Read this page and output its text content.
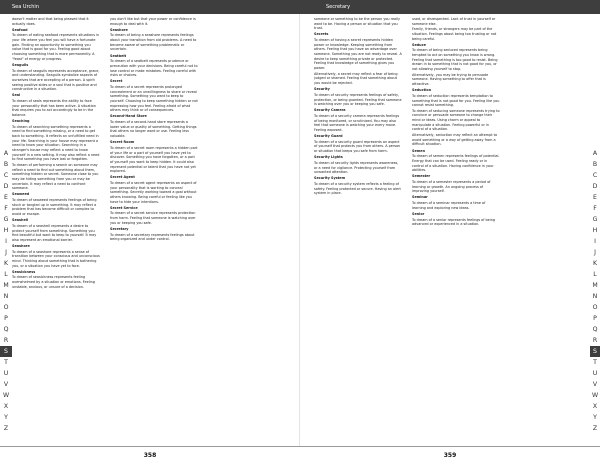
Sea Urchin	Secretary

doesn't matter and that being pleased that it actually does.

Seafood

To dream of eating seafood represents situations in your life where you feel you will have a fortunate gain. Finding an opportunity to something you value that is good for you. Feeling good about choosing something that is more permanently. A "feast" of energy or progress.

Seagulls

To dream of seagulls represents acceptance, grace, and understanding. Seagulls symbolize aspects of ourselves that are accepting of a person. A spirit seeing positive sides or a soul that is positive and constructive in a situation.

Seal

To dream of seals represents the ability to face your personality that has been active. A situation that requires you to act accordingly to be in the balance.

Seaching

To dream of searching something represents a need to find something missing, or a need to get back to something. It reflects an unfulfilled need in your life. Searching in your house may represent a need to know your situation. Searching in a stranger's house may reflect a need to know yourself in a new setting. It may also reflect a need to find something you have lost or forgotten.

To dream of performing a search on someone may reflect a need to find out something about them, something hidden or secret. Someone close to you may be hiding something from you or may be uncertain. It may reflect a need to confront someone.

Seaweed

To dream of seaweed represents feelings of being stuck or tangled up in something. It may reflect a problem that has become difficult or complex to avoid or escape.

Seashell

To dream of a seashell represents a desire to protect yourself from something. Something you find beautiful but want to keep to yourself. It may also represent an emotional barrier.

Seashore

To dream of a seashore represents a sense of transition between your conscious and unconscious mind. Thinking about something that is bothering you, or a situation you have yet to face.

Seasickness

To dream of seasickness represents feeling overwhelmed by a situation or emotions. Feeling unstable, anxious, or unsure of a decision.

you don't like but that your power or confidence is enough to deal with it.

Seashore

To dream of being a seashore represents feelings about your transition from old problems. A need to become aware of something problematic or uncertain.

Seatbelt

To dream of a seatbelt represents prudence or precaution with your decisions. Being careful not to lose control or make mistakes. Feeling careful with risks or choices.

Secret

To dream of a secret represents prolonged concealment or an unwillingness to share or reveal something. Something you want to keep to yourself. Choosing to keep something hidden or not expressing how you feel. Feeling afraid of what others may think or of consequences.

Second-Hand Store

To dream of a second-hand store represents a lower value or quality of something. Getting things that others no longer want or use. Feeling less valuable.

Secret Room

To dream of a secret room represents a hidden part of your life or a part of yourself you have yet to discover. Something you have forgotten, or a part of yourself you want to keep hidden. It could also represent potential or talent that you have not yet explored.

Secret Agent

To dream of a secret agent represents an aspect of your personality that is working to conceal something. Secretly working toward a goal without others knowing. Being careful or feeling like you have to hide your intentions.

Secret Service

To dream of a secret service represents protection from harm. Feeling that someone is watching over you or keeping you safe.

Secretary

To dream of a secretary represents feelings about being organized and under control.

someone or something to be the person you really want to be. Having a person or situation that you trust.

Secrets

To dream of having a secret represents hidden power or knowledge. Keeping something from others. Feeling that you have an advantage over someone. Something you are not ready to reveal. A desire to keep something private or protected. Feeling that knowledge of something gives you power.

Alternatively, a secret may reflect a fear of being judged or shamed. Feeling that something about you would be rejected.

Security

To dream of security represents feelings of safety, protection, or being guarded. Feeling that someone is watching over you or keeping you safe.

Security Camera

To dream of a security camera represents feelings of being monitored, or scrutinized. You may also feel that someone is watching your every move. Feeling exposed.

Security Guard

To dream of a security guard represents an aspect of yourself that protects you from others. A person or situation that keeps you safe from harm.

Security Lights

To dream of security lights represents awareness, or a need for vigilance. Protecting yourself from unwanted attention.

Security System

To dream of a security system reflects a feeling of safety. Feeling protected or secure. Having an alert system in place.

used, or disrespected. Lack of trust in yourself or someone else.

Family, friends, or strangers may be part of the situation. Feelings about being too trusting or not being careful.

Seduce

To dream of being seduced represents being tempted to act on something you know is wrong. Feeling that something is too good to resist. Being drawn in to something that is not good for you, or not allowing yourself to stop.

Alternatively, you may be trying to persuade someone. Having something to offer that is attractive.

Seduction

To dream of seduction represents temptation to something that is not good for you. Feeling like you cannot resist something.

To dream of seducing someone represents trying to convince or persuade someone to change their mind or ideas. Using charm or appeal to manipulate a situation. Feeling powerful or in control of a situation.

Alternatively, seduction may reflect an attempt to avoid something or a way of getting away from a difficult situation.

Semen

To dream of semen represents feelings of potential. Energy that can be used. Feeling ready or in control of a situation. Having confidence in your abilities.

Semester

To dream of a semester represents a period of learning or growth. An ongoing process of improving yourself.

Seminar

To dream of a seminar represents a time of learning and exploring new ideas.

Senior

To dream of a senior represents feelings of being advanced or experienced in a situation.

A
B
C
D
E
F
G
H
I
J
K
L
M
N
O
P
Q
R
S
T
U
V
W
X
Y
Z
A
B
C
D
E
F
G
H
I
J
K
L
M
N
O
P
Q
R
S
T
U
V
W
X
Y
Z
358	359
